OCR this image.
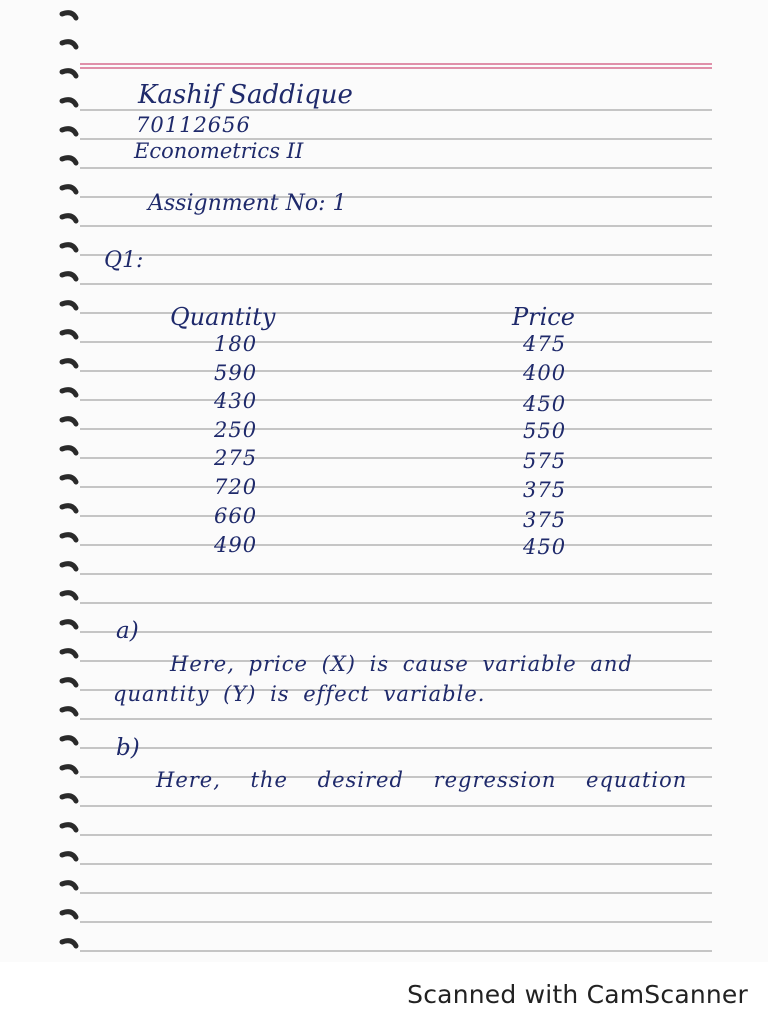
Kashif Saddique
70112656
Econometrics II
Assignment No: 1
Q1:
Quantity	Price
180	475
590	400
430	450
250	550
275	575
720	375
660	375
490	450
a)
Here, price (X) is cause variable and
quantity (Y) is effect variable.
b)
Here, the desired regression equation
Scanned with CamScanner
